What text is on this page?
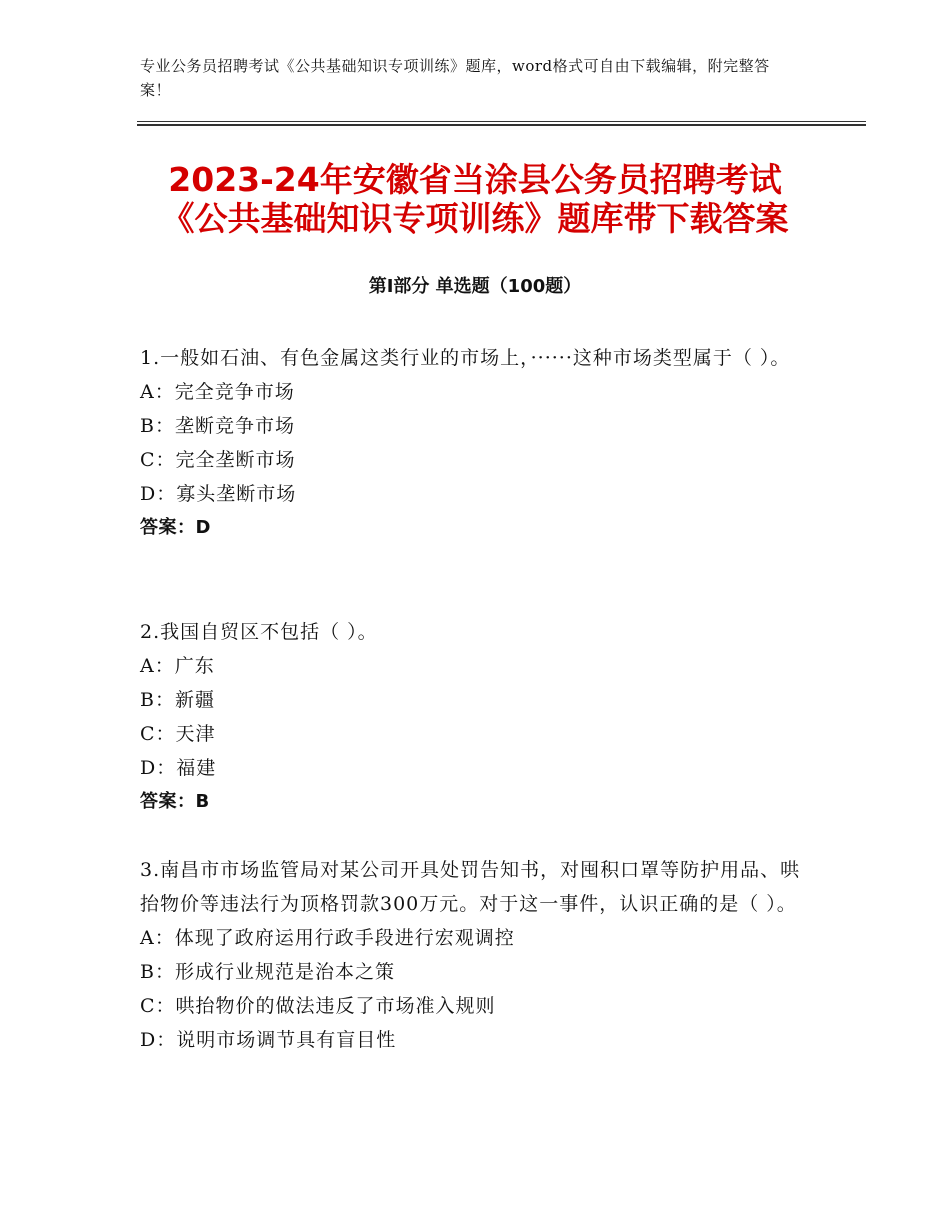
专业公务员招聘考试《公共基础知识专项训练》题库，word格式可自由下载编辑，附完整答案！
2023-24年安徽省当涂县公务员招聘考试
《公共基础知识专项训练》题库带下载答案
第Ⅰ部分 单选题（100题）

1.一般如石油、有色金属这类行业的市场上，······这种市场类型属于（ ）。

A：完全竞争市场

B：垄断竞争市场

C：完全垄断市场

D：寡头垄断市场

答案：D

2.我国自贸区不包括（ ）。

A：广东

B：新疆

C：天津

D：福建

答案：B

3.南昌市市场监管局对某公司开具处罚告知书，对囤积口罩等防护用品、哄抬物价等违法行为顶格罚款300万元。对于这一事件，认识正确的是（ ）。

A：体现了政府运用行政手段进行宏观调控

B：形成行业规范是治本之策

C：哄抬物价的做法违反了市场准入规则

D：说明市场调节具有盲目性
